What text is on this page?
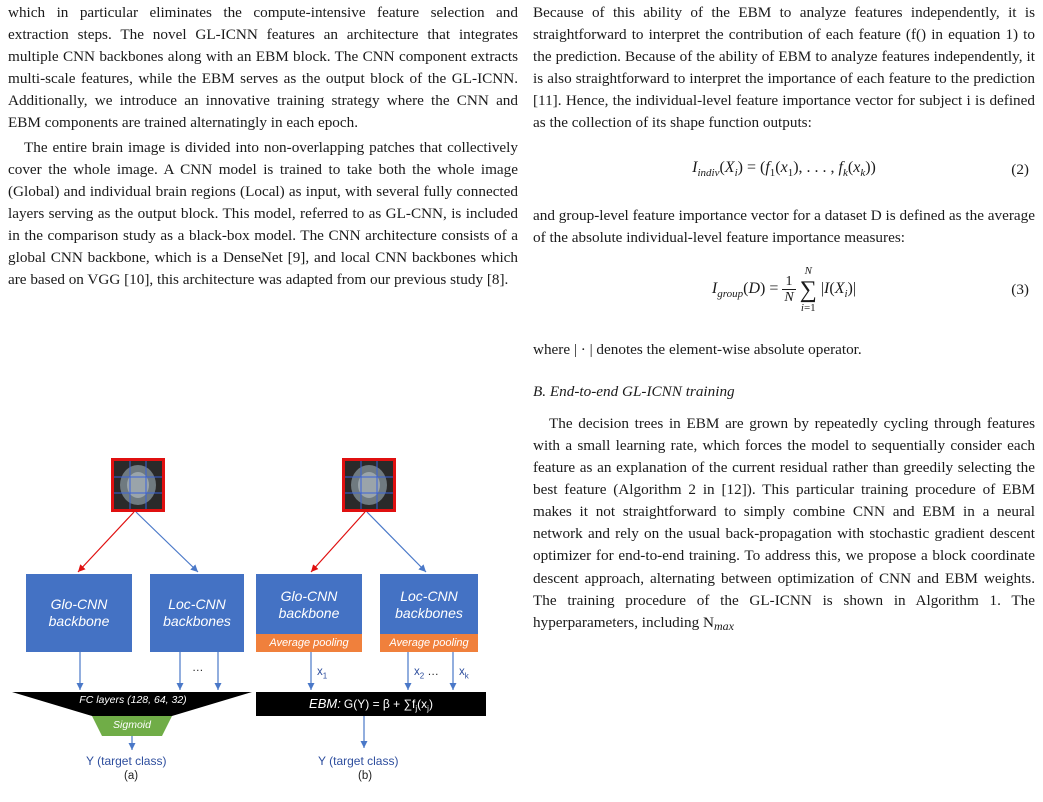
which in particular eliminates the compute-intensive feature selection and extraction steps. The novel GL-ICNN features an architecture that integrates multiple CNN backbones along with an EBM block. The CNN component extracts multi-scale features, while the EBM serves as the output block of the GL-ICNN. Additionally, we introduce an innovative training strategy where the CNN and EBM components are trained alternatingly in each epoch.

The entire brain image is divided into non-overlapping patches that collectively cover the whole image. A CNN model is trained to take both the whole image (Global) and individual brain regions (Local) as input, with several fully connected layers serving as the output block. This model, referred to as GL-CNN, is included in the comparison study as a black-box model. The CNN architecture consists of a global CNN backbone, which is a DenseNet [9], and local CNN backbones which are based on VGG [10], this architecture was adapted from our previous study [8].

Glo-CNN
backbone
Loc-CNN
backbones
…
FC layers (128, 64, 32)
Sigmoid
Y (target class)
(a)
Glo-CNN
backbone
Average pooling
Loc-CNN
backbones
Average pooling
$x_1$	$x_2$ … $x_k$
EBM: $G(Y) = \beta + \sum f_j(x_j)$
Y (target class)
(b)

Because of this ability of the EBM to analyze features independently, it is straightforward to interpret the contribution of each feature (f() in equation 1) to the prediction. Because of the ability of EBM to analyze features independently, it is also straightforward to interpret the importance of each feature to the prediction [11]. Hence, the individual-level feature importance vector for subject i is defined as the collection of its shape function outputs:

$I_{indiv}(X_i) = (f_1(x_1)$, . . . , $f_k(x_k)$)	(2)

and group-level feature importance vector for a dataset D is defined as the average of the absolute individual-level feature importance measures:

$I_{group}(D) = 1$
N N
∑
i=1 $|I(X_i)|$	(3)

where | · | denotes the element-wise absolute operator.

B. End-to-end GL-ICNN training

The decision trees in EBM are grown by repeatedly cycling through features with a small learning rate, which forces the model to sequentially consider each feature as an explanation of the current residual rather than greedily selecting the best feature (Algorithm 2 in [12]). This particular training procedure of EBM makes it not straightforward to simply combine CNN and EBM in a neural network and rely on the usual back-propagation with stochastic gradient descent optimizer for end-to-end training. To address this, we propose a block coordinate descent approach, alternating between optimization of CNN and EBM weights. The training procedure of the GL-ICNN is shown in Algorithm 1. The hyperparameters, including Nmax
